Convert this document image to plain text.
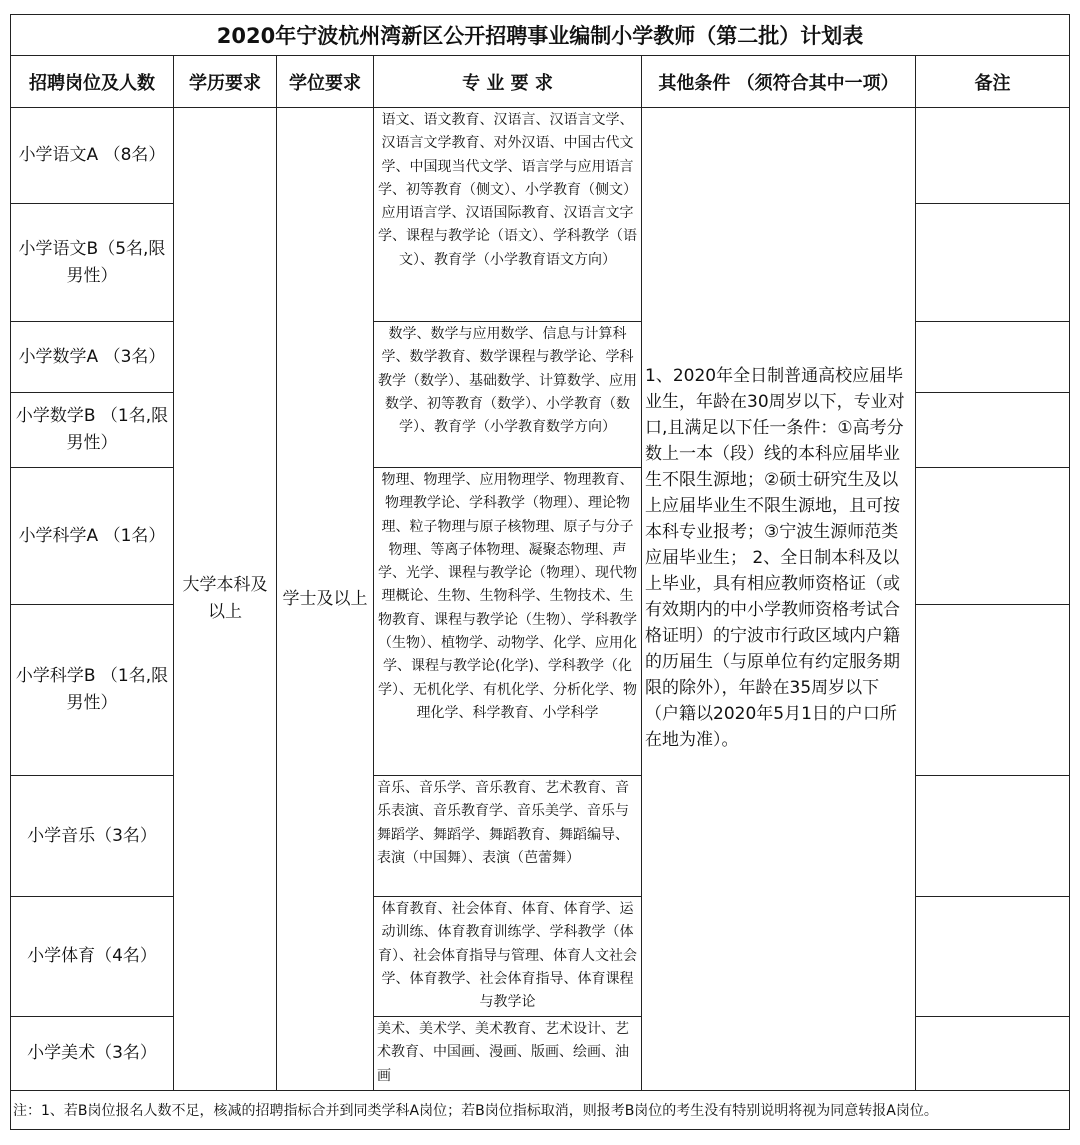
2020年宁波杭州湾新区公开招聘事业编制小学教师（第二批）计划表					
招聘岗位及人数	学历要求	学位要求	专 业 要 求	其他条件 （须符合其中一项）	备注
小学语文A （8名）	大学本科及以上	学士及以上	语文、语文教育、汉语言、汉语言文学、汉语言文学教育、对外汉语、中国古代文学、中国现当代文学、语言学与应用语言学、初等教育（侧文）、小学教育（侧文）应用语言学、汉语国际教育、汉语言文字学、课程与教学论（语文）、学科教学（语文）、教育学（小学教育语文方向）	1、2020年全日制普通高校应届毕业生，年龄在30周岁以下，专业对口,且满足以下任一条件：①高考分数上一本（段）线的本科应届毕业生不限生源地；②硕士研究生及以上应届毕业生不限生源地，且可按本科专业报考；③宁波生源师范类应届毕业生； 2、全日制本科及以上毕业，具有相应教师资格证（或有效期内的中小学教师资格考试合格证明）的宁波市行政区域内户籍的历届生（与原单位有约定服务期限的除外），年龄在35周岁以下（户籍以2020年5月1日的户口所在地为准）。	
小学语文B（5名,限男性）					
小学数学A （3名）			数学、数学与应用数学、信息与计算科学、数学教育、数学课程与教学论、学科教学（数学）、基础数学、计算数学、应用数学、初等教育（数学）、小学教育（数学）、教育学（小学教育数学方向）		
小学数学B （1名,限男性）					
小学科学A （1名）			物理、物理学、应用物理学、物理教育、物理教学论、学科教学（物理）、理论物理、粒子物理与原子核物理、原子与分子物理、等离子体物理、凝聚态物理、声学、光学、课程与教学论（物理）、现代物理概论、生物、生物科学、生物技术、生物教育、课程与教学论（生物）、学科教学（生物）、植物学、动物学、化学、应用化学、课程与教学论(化学)、学科教学（化学）、无机化学、有机化学、分析化学、物理化学、科学教育、小学科学		
小学科学B （1名,限男性）					
小学音乐（3名）			音乐、音乐学、音乐教育、艺术教育、音乐表演、音乐教育学、音乐美学、音乐与舞蹈学、舞蹈学、舞蹈教育、舞蹈编导、表演（中国舞）、表演（芭蕾舞）		
小学体育（4名）			体育教育、社会体育、体育、体育学、运动训练、体育教育训练学、学科教学（体育）、社会体育指导与管理、体育人文社会学、体育教学、社会体育指导、体育课程与教学论		
小学美术（3名）			美术、美术学、美术教育、艺术设计、艺术教育、中国画、漫画、版画、绘画、油画		
注：1、若B岗位报名人数不足，核减的招聘指标合并到同类学科A岗位；若B岗位指标取消，则报考B岗位的考生没有特别说明将视为同意转报A岗位。					
